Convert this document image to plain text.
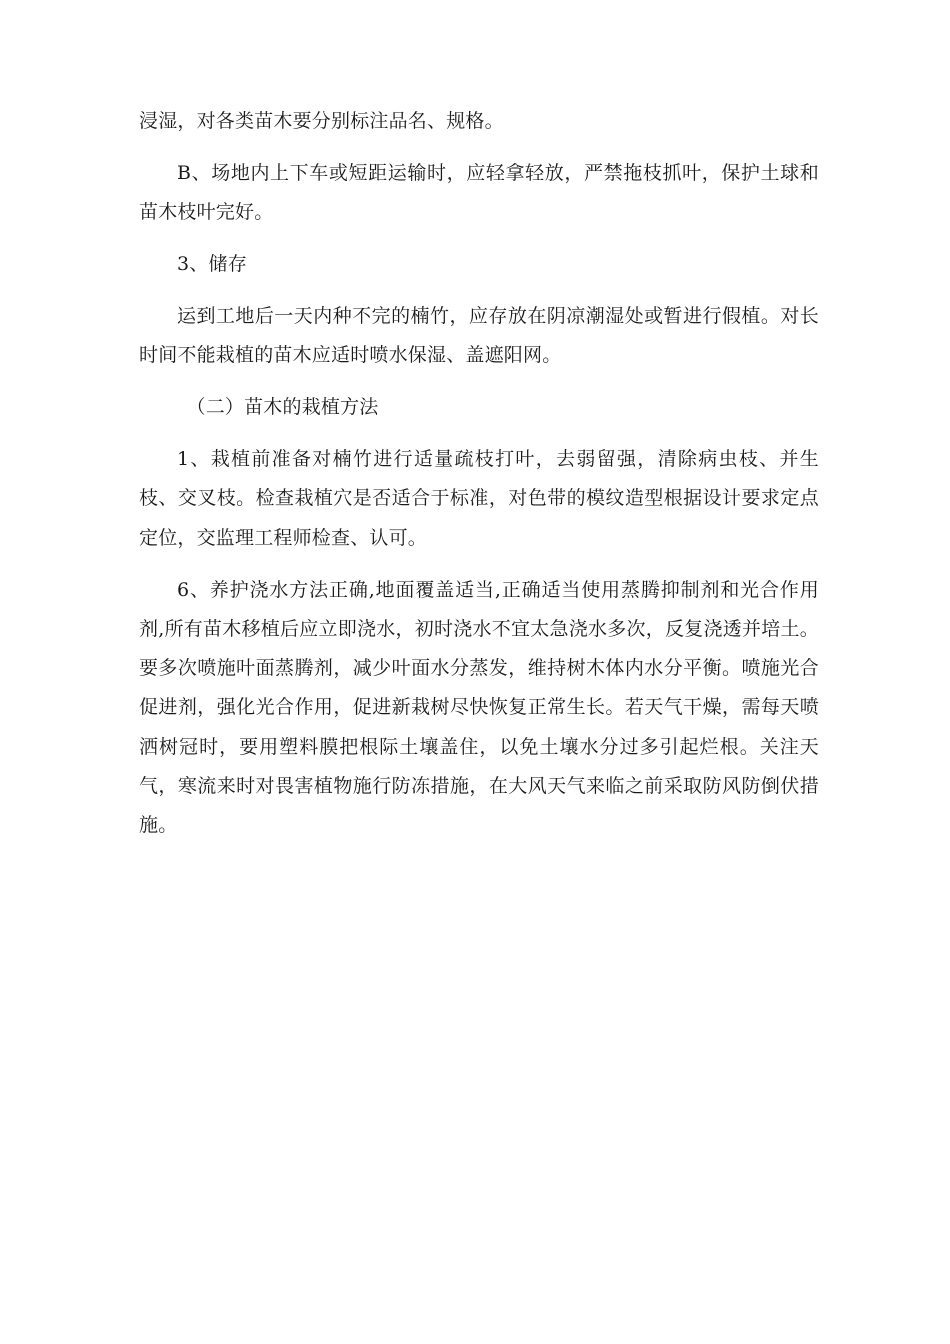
浸湿，对各类苗木要分别标注品名、规格。

B、场地内上下车或短距运输时，应轻拿轻放，严禁拖枝抓叶，保护土球和苗木枝叶完好。

3、储存

运到工地后一天内种不完的楠竹，应存放在阴凉潮湿处或暂进行假植。对长时间不能栽植的苗木应适时喷水保湿、盖遮阳网。

（二）苗木的栽植方法

1、栽植前准备对楠竹进行适量疏枝打叶，去弱留强，清除病虫枝、并生枝、交叉枝。检查栽植穴是否适合于标准，对色带的模纹造型根据设计要求定点定位，交监理工程师检查、认可。

6、养护浇水方法正确,地面覆盖适当,正确适当使用蒸腾抑制剂和光合作用剂,所有苗木移植后应立即浇水，初时浇水不宜太急浇水多次，反复浇透并培土。要多次喷施叶面蒸腾剂，减少叶面水分蒸发，维持树木体内水分平衡。喷施光合促进剂，强化光合作用，促进新栽树尽快恢复正常生长。若天气干燥，需每天喷洒树冠时，要用塑料膜把根际土壤盖住，以免土壤水分过多引起烂根。关注天气，寒流来时对畏害植物施行防冻措施，在大风天气来临之前采取防风防倒伏措施。
